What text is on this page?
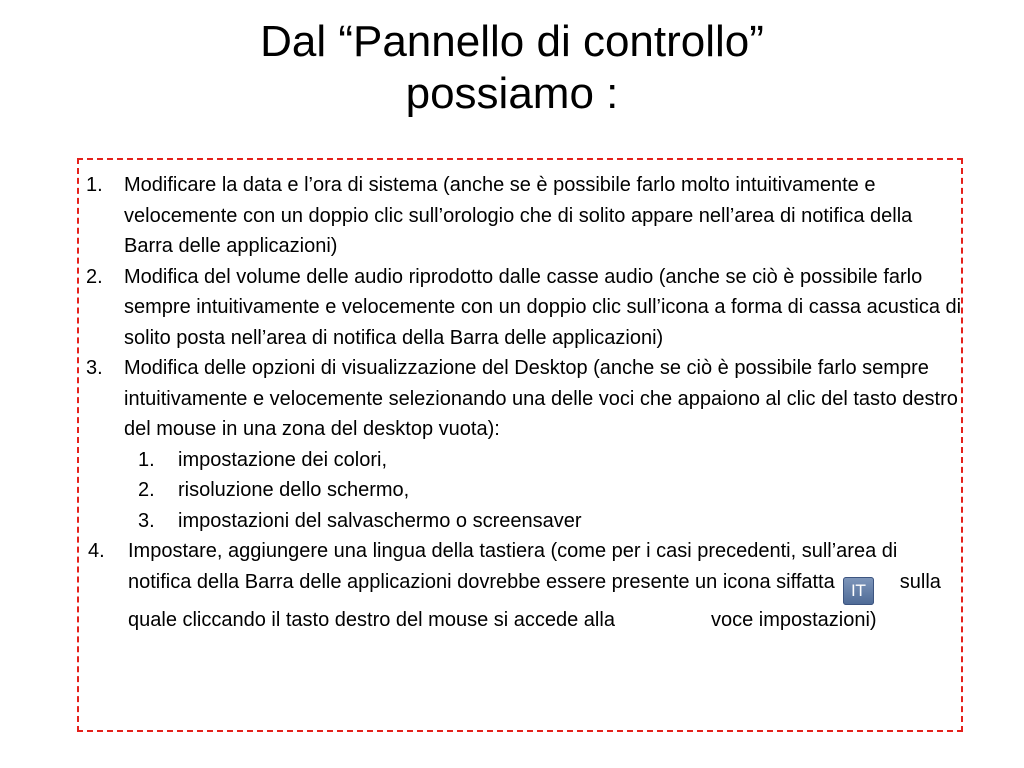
Dal “Pannello di controllo”
possiamo :
1. Modificare la data e l’ora di sistema (anche se è possibile farlo molto intuitivamente e velocemente con un doppio clic sull’orologio che di solito appare nell’area di notifica della Barra delle applicazioni)
2. Modifica del volume delle audio riprodotto dalle casse audio (anche se ciò è possibile farlo sempre intuitivamente e velocemente con un doppio clic sull’icona a forma di cassa acustica di solito posta nell’area di notifica della Barra delle applicazioni)
3. Modifica delle opzioni di visualizzazione del Desktop (anche se ciò è possibile farlo sempre intuitivamente e velocemente selezionando una delle voci che appaiono al clic del tasto destro del mouse in una zona del desktop vuota):
1. impostazione dei colori,
2. risoluzione dello schermo,
3. impostazioni del salvaschermo o screensaver
4. Impostare, aggiungere una lingua della tastiera (come per i casi precedenti, sull’area di notifica della Barra delle applicazioni dovrebbe essere presente un icona siffatta IT sulla quale cliccando il tasto destro del mouse si accede alla	voce impostazioni)
